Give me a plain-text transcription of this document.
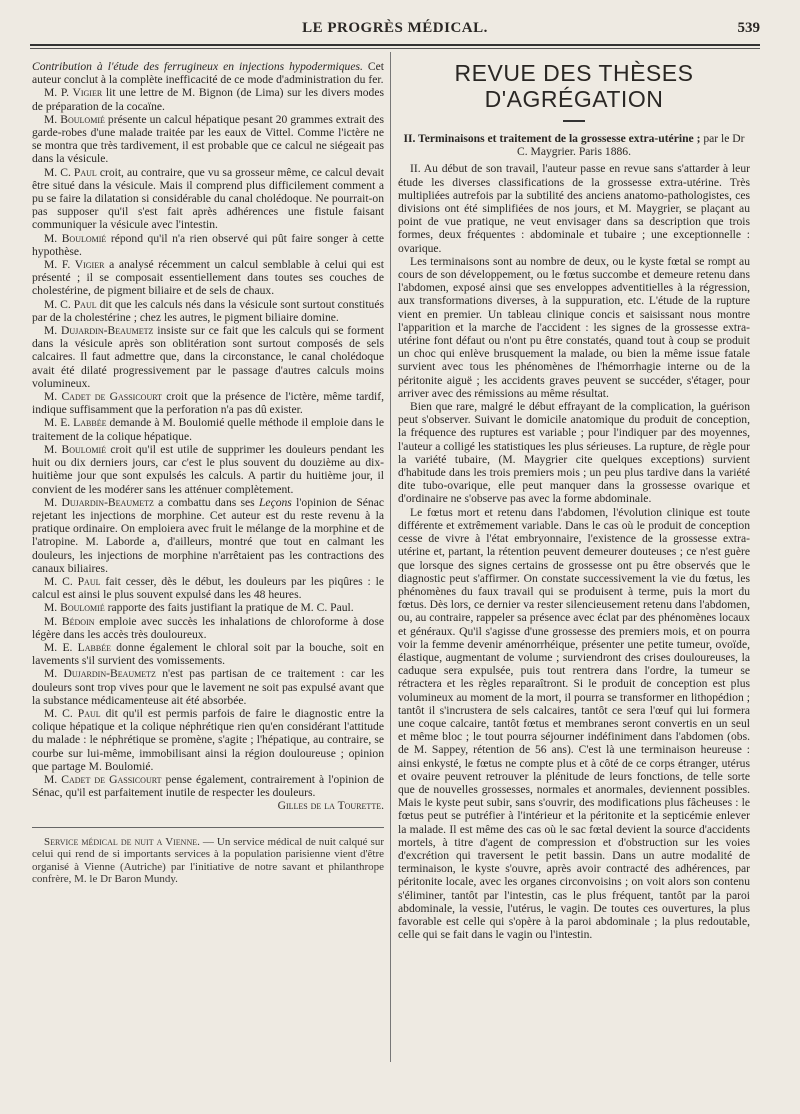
LE PROGRÈS MÉDICAL.	539

Contribution à l'étude des ferrugineux en injections hypodermiques. Cet auteur conclut à la complète inefficacité de ce mode d'administration du fer.

M. P. Vigier lit une lettre de M. Bignon (de Lima) sur les divers modes de préparation de la cocaïne.

M. Boulomié présente un calcul hépatique pesant 20 grammes extrait des garde-robes d'une malade traitée par les eaux de Vittel. Comme l'ictère ne se montra que très tardivement, il est probable que ce calcul ne siégeait pas dans la vésicule.

M. C. Paul croit, au contraire, que vu sa grosseur même, ce calcul devait être situé dans la vésicule. Mais il comprend plus difficilement comment a pu se faire la dilatation si considérable du canal cholédoque. Ne pourrait-on pas supposer qu'il s'est fait après adhérences une fistule faisant communiquer la vésicule avec l'intestin.

M. Boulomié répond qu'il n'a rien observé qui pût faire songer à cette hypothèse.

M. F. Vigier a analysé récemment un calcul semblable à celui qui est présenté ; il se composait essentiellement dans toutes ses couches de cholestérine, de pigment biliaire et de sels de chaux.

M. C. Paul dit que les calculs nés dans la vésicule sont surtout constitués par de la cholestérine ; chez les autres, le pigment biliaire domine.

M. Dujardin-Beaumetz insiste sur ce fait que les calculs qui se forment dans la vésicule après son oblitération sont surtout composés de sels calcaires. Il faut admettre que, dans la circonstance, le canal cholédoque avait été dilaté progressivement par le passage d'autres calculs moins volumineux.

M. Cadet de Gassicourt croit que la présence de l'ictère, même tardif, indique suffisamment que la perforation n'a pas dû exister.

M. E. Labbée demande à M. Boulomié quelle méthode il emploie dans le traitement de la colique hépatique.

M. Boulomié croit qu'il est utile de supprimer les douleurs pendant les huit ou dix derniers jours, car c'est le plus souvent du douzième au dix-huitième jour que sont expulsés les calculs. A partir du huitième jour, il convient de les modérer sans les atténuer complètement.

M. Dujardin-Beaumetz a combattu dans ses Leçons l'opinion de Sénac rejetant les injections de morphine. Cet auteur est du reste revenu à la pratique ordinaire. On emploiera avec fruit le mélange de la morphine et de l'atropine. M. Laborde a, d'ailleurs, montré que tout en calmant les douleurs, les injections de morphine n'arrêtaient pas les contractions des canaux biliaires.

M. C. Paul fait cesser, dès le début, les douleurs par les piqûres : le calcul est ainsi le plus souvent expulsé dans les 48 heures.

M. Boulomié rapporte des faits justifiant la pratique de M. C. Paul.

M. Bédoin emploie avec succès les inhalations de chloroforme à dose légère dans les accès très douloureux.

M. E. Labbée donne également le chloral soit par la bouche, soit en lavements s'il survient des vomissements.

M. Dujardin-Beaumetz n'est pas partisan de ce traitement : car les douleurs sont trop vives pour que le lavement ne soit pas expulsé avant que la substance médicamenteuse ait été absorbée.

M. C. Paul dit qu'il est permis parfois de faire le diagnostic entre la colique hépatique et la colique néphrétique rien qu'en considérant l'attitude du malade : le néphrétique se promène, s'agite ; l'hépatique, au contraire, se courbe sur lui-même, immobilisant ainsi la région douloureuse ; opinion que partage M. Boulomié.

M. Cadet de Gassicourt pense également, contrairement à l'opinion de Sénac, qu'il est parfaitement inutile de respecter les douleurs.

Gilles de la Tourette.

Service médical de nuit a Vienne. — Un service médical de nuit calqué sur celui qui rend de si importants services à la population parisienne vient d'être organisé à Vienne (Autriche) par l'initiative de notre savant et philanthrope confrère, M. le Dr Baron Mundy.

REVUE DES THÈSES D'AGRÉGATION
II. Terminaisons et traitement de la grossesse extra-utérine ; par le Dr C. Maygrier. Paris 1886.

II. Au début de son travail, l'auteur passe en revue sans s'attarder à leur étude les diverses classifications de la grossesse extra-utérine. Très multipliées autrefois par la subtilité des anciens anatomo-pathologistes, ces divisions ont été simplifiées de nos jours, et M. Maygrier, se plaçant au point de vue pratique, ne veut envisager dans sa description que trois formes, deux fréquentes : abdominale et tubaire ; une exceptionnelle : ovarique.

Les terminaisons sont au nombre de deux, ou le kyste fœtal se rompt au cours de son développement, ou le fœtus succombe et demeure retenu dans l'abdomen, exposé ainsi que ses enveloppes adventitielles à la régression, aux transformations diverses, à la suppuration, etc. L'étude de la rupture vient en premier. Un tableau clinique concis et saisissant nous montre l'apparition et la marche de l'accident : les signes de la grossesse extra-utérine font défaut ou n'ont pu être constatés, quand tout à coup se produit un choc qui enlève brusquement la malade, ou bien la même issue fatale survient avec tous les phénomènes de l'hémorrhagie interne ou de la péritonite aiguë ; les accidents graves peuvent se succéder, s'étager, pour arriver avec des rémissions au même résultat.

Bien que rare, malgré le début effrayant de la complication, la guérison peut s'observer. Suivant le domicile anatomique du produit de conception, la fréquence des ruptures est variable ; pour l'indiquer par des moyennes, l'auteur a colligé les statistiques les plus sérieuses. La rupture, de règle pour la variété tubaire, (M. Maygrier cite quelques exceptions) survient d'habitude dans les trois premiers mois ; un peu plus tardive dans la variété dite tubo-ovarique, elle peut manquer dans la grossesse ovarique et d'ordinaire ne s'observe pas avec la forme abdominale.

Le fœtus mort et retenu dans l'abdomen, l'évolution clinique est toute différente et extrêmement variable. Dans le cas où le produit de conception cesse de vivre à l'état embryonnaire, l'existence de la grossesse extra-utérine et, partant, la rétention peuvent demeurer douteuses ; ce n'est guère que lorsque des signes certains de grossesse ont pu être observés que le diagnostic peut s'affirmer. On constate successivement la vie du fœtus, les phénomènes du faux travail qui se produisent à terme, puis la mort du fœtus. Dès lors, ce dernier va rester silencieusement retenu dans l'abdomen, ou, au contraire, rappeler sa présence avec éclat par des phénomènes locaux et généraux. Qu'il s'agisse d'une grossesse des premiers mois, et on pourra voir la femme devenir aménorrhéique, présenter une petite tumeur, ovoïde, élastique, augmentant de volume ; surviendront des crises douloureuses, la caduque sera expulsée, puis tout rentrera dans l'ordre, la tumeur se rétractera et les règles reparaîtront. Si le produit de conception est plus volumineux au moment de la mort, il pourra se transformer en lithopédion ; tantôt il s'incrustera de sels calcaires, tantôt ce sera l'œuf qui lui formera une coque calcaire, tantôt fœtus et membranes seront convertis en un seul et même bloc ; le tout pourra séjourner indéfiniment dans l'abdomen (obs. de M. Sappey, rétention de 56 ans). C'est là une terminaison heureuse : ainsi enkysté, le fœtus ne compte plus et à côté de ce corps étranger, utérus et ovaire peuvent retrouver la plénitude de leurs fonctions, de telle sorte que de nouvelles grossesses, normales et anormales, deviennent possibles. Mais le kyste peut subir, sans s'ouvrir, des modifications plus fâcheuses : le fœtus peut se putréfier à l'intérieur et la péritonite et la septicémie enlever la malade. Il est même des cas où le sac fœtal devient la source d'accidents mortels, à titre d'agent de compression et d'obstruction sur les voies d'excrétion qui traversent le petit bassin. Dans un autre modalité de terminaison, le kyste s'ouvre, après avoir contracté des adhérences, par péritonite locale, avec les organes circonvoisins ; on voit alors son contenu s'éliminer, tantôt par l'intestin, cas le plus fréquent, tantôt par la paroi abdominale, la vessie, l'utérus, le vagin. De toutes ces ouvertures, la plus favorable est celle qui s'opère à la paroi abdominale ; la plus redoutable, celle qui se fait dans le vagin ou l'intestin.
